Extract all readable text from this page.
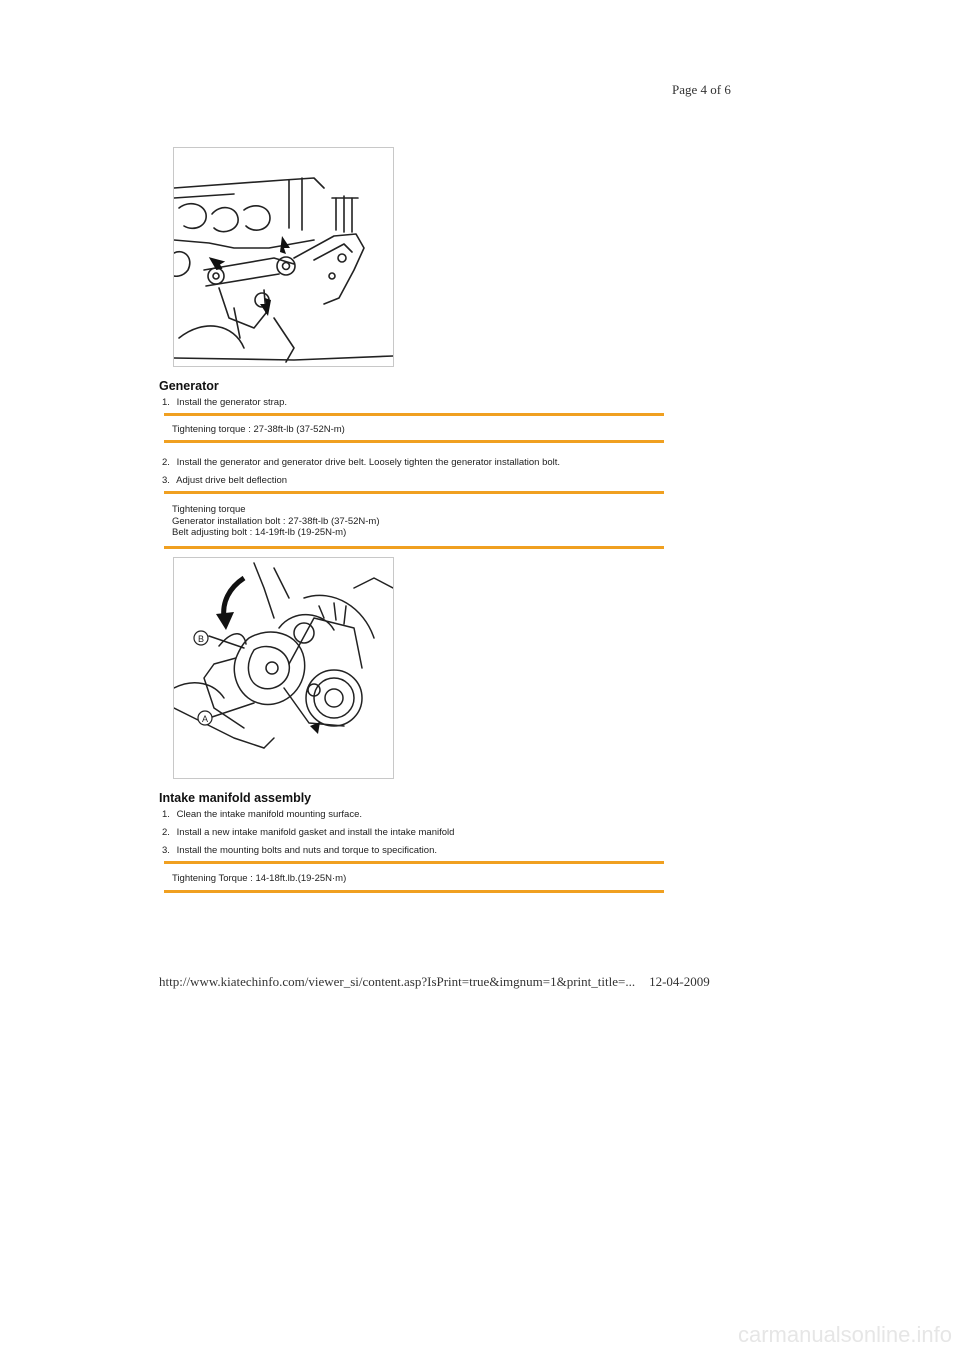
Page 4 of 6
Generator
1. Install the generator strap.
Tightening torque : 27-38ft-lb (37-52N-m)
2. Install the generator and generator drive belt. Loosely tighten the generator installation bolt.
3. Adjust drive belt deflection
Tightening torque
Generator installation bolt : 27-38ft-lb (37-52N-m)
Belt adjusting bolt : 14-19ft-lb (19-25N-m)
B
A
Intake manifold assembly
1. Clean the intake manifold mounting surface.
2. Install a new intake manifold gasket and install the intake manifold
3. Install the mounting bolts and nuts and torque to specification.
Tightening Torque : 14-18ft.lb.(19-25N·m)
http://www.kiatechinfo.com/viewer_si/content.asp?IsPrint=true&imgnum=1&print_title=... 12-04-2009
carmanualsonline.info
